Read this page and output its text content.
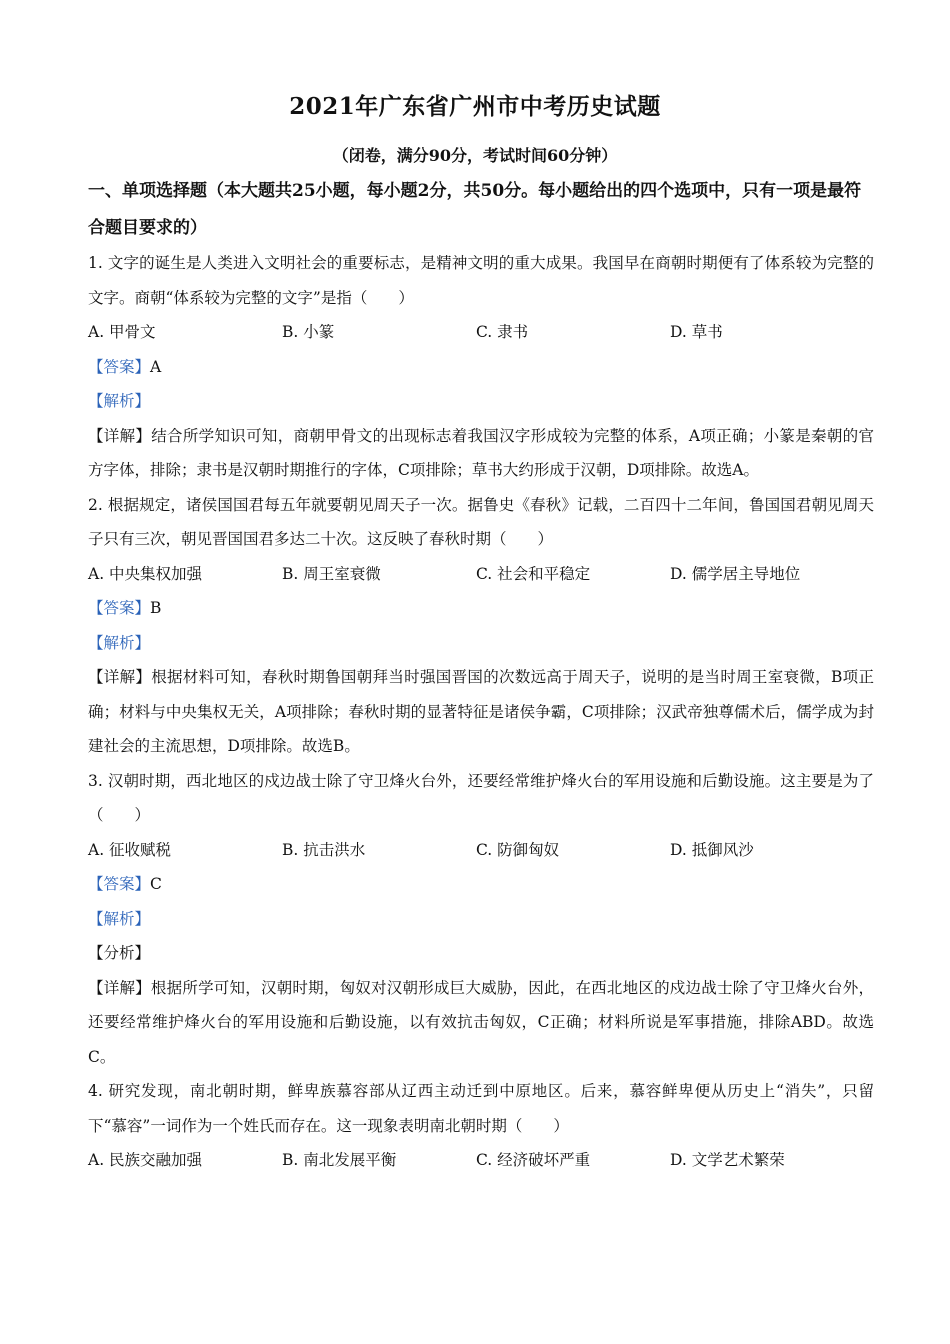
2021年广东省广州市中考历史试题
（闭卷，满分90分，考试时间60分钟）
一、单项选择题（本大题共25小题，每小题2分，共50分。每小题给出的四个选项中，只有一项是最符合题目要求的）

1. 文字的诞生是人类进入文明社会的重要标志，是精神文明的重大成果。我国早在商朝时期便有了体系较为完整的文字。商朝“体系较为完整的文字”是指（　　）

A. 甲骨文	B. 小篆	C. 隶书	D. 草书

【答案】A

【解析】

【详解】结合所学知识可知，商朝甲骨文的出现标志着我国汉字形成较为完整的体系，A项正确；小篆是秦朝的官方字体，排除；隶书是汉朝时期推行的字体，C项排除；草书大约形成于汉朝，D项排除。故选A。

2. 根据规定，诸侯国国君每五年就要朝见周天子一次。据鲁史《春秋》记载，二百四十二年间，鲁国国君朝见周天子只有三次，朝见晋国国君多达二十次。这反映了春秋时期（　　）

A. 中央集权加强	B. 周王室衰微	C. 社会和平稳定	D. 儒学居主导地位

【答案】B

【解析】

【详解】根据材料可知，春秋时期鲁国朝拜当时强国晋国的次数远高于周天子，说明的是当时周王室衰微，B项正确；材料与中央集权无关，A项排除；春秋时期的显著特征是诸侯争霸，C项排除；汉武帝独尊儒术后，儒学成为封建社会的主流思想，D项排除。故选B。

3. 汉朝时期，西北地区的戍边战士除了守卫烽火台外，还要经常维护烽火台的军用设施和后勤设施。这主要是为了（　　）

A. 征收赋税	B. 抗击洪水	C. 防御匈奴	D. 抵御风沙

【答案】C

【解析】

【分析】

【详解】根据所学可知，汉朝时期，匈奴对汉朝形成巨大威胁，因此，在西北地区的戍边战士除了守卫烽火台外，还要经常维护烽火台的军用设施和后勤设施，以有效抗击匈奴，C正确；材料所说是军事措施，排除ABD。故选C。

4. 研究发现，南北朝时期，鲜卑族慕容部从辽西主动迁到中原地区。后来，慕容鲜卑便从历史上“消失”，只留下“慕容”一词作为一个姓氏而存在。这一现象表明南北朝时期（　　）

A. 民族交融加强	B. 南北发展平衡	C. 经济破坏严重	D. 文学艺术繁荣
